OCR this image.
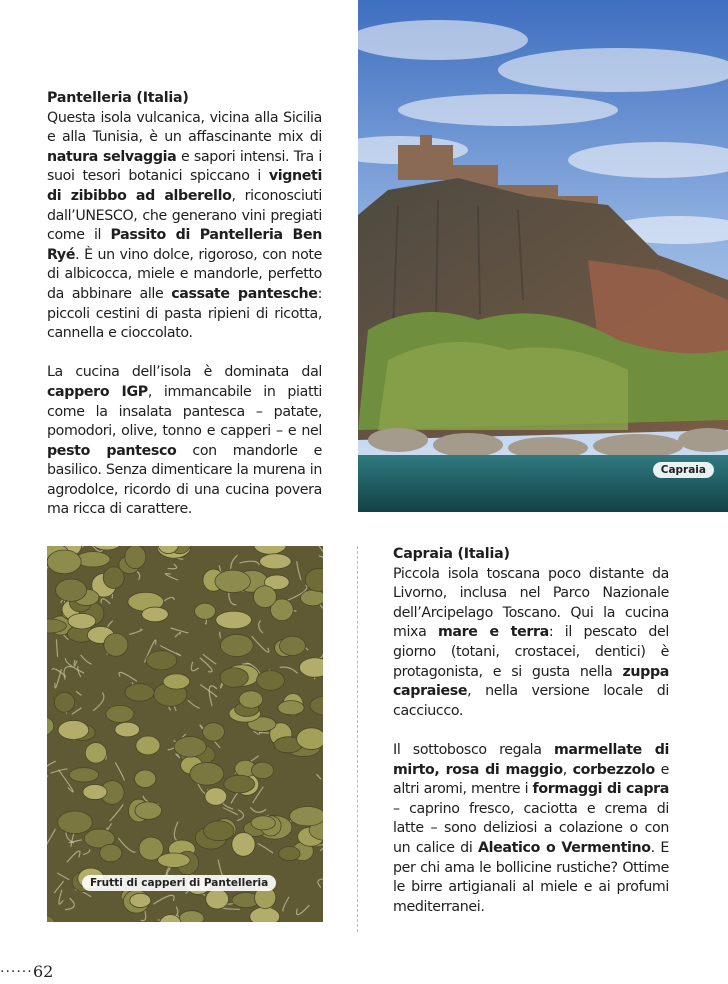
Capraia
Pantelleria (Italia)

Questa isola vulcanica, vicina alla Sicilia e alla Tunisia, è un affascinante mix di natura selvaggia e sapori intensi. Tra i suoi tesori botanici spiccano i vigneti di zibibbo ad alberello, riconosciuti dall’UNESCO, che generano vini pregiati come il Passito di Pantelleria Ben Ryé. È un vino dolce, rigoroso, con note di albicocca, miele e mandorle, perfetto da abbinare alle cassate pantesche: piccoli cestini di pasta ripieni di ricotta, cannella e cioccolato.

La cucina dell’isola è dominata dal cappero IGP, immancabile in piatti come la insalata pantesca – patate, pomodori, olive, tonno e capperi – e nel pesto pantesco con mandorle e basilico. Senza dimenticare la murena in agrodolce, ricordo di una cucina povera ma ricca di carattere.

Frutti di capperi di Pantelleria
Capraia (Italia)

Piccola isola toscana poco distante da Livorno, inclusa nel Parco Nazionale dell’Arcipelago Toscano. Qui la cucina mixa mare e terra: il pescato del giorno (totani, crostacei, dentici) è protagonista, e si gusta nella zuppa capraiese, nella versione locale di cacciucco.

Il sottobosco regala marmellate di mirto, rosa di maggio, corbezzolo e altri aromi, mentre i formaggi di capra – caprino fresco, caciotta e crema di latte – sono deliziosi a colazione o con un calice di Aleatico o Vermentino. E per chi ama le bollicine rustiche? Ottime le birre artigianali al miele e ai profumi mediterranei.

...... 62
